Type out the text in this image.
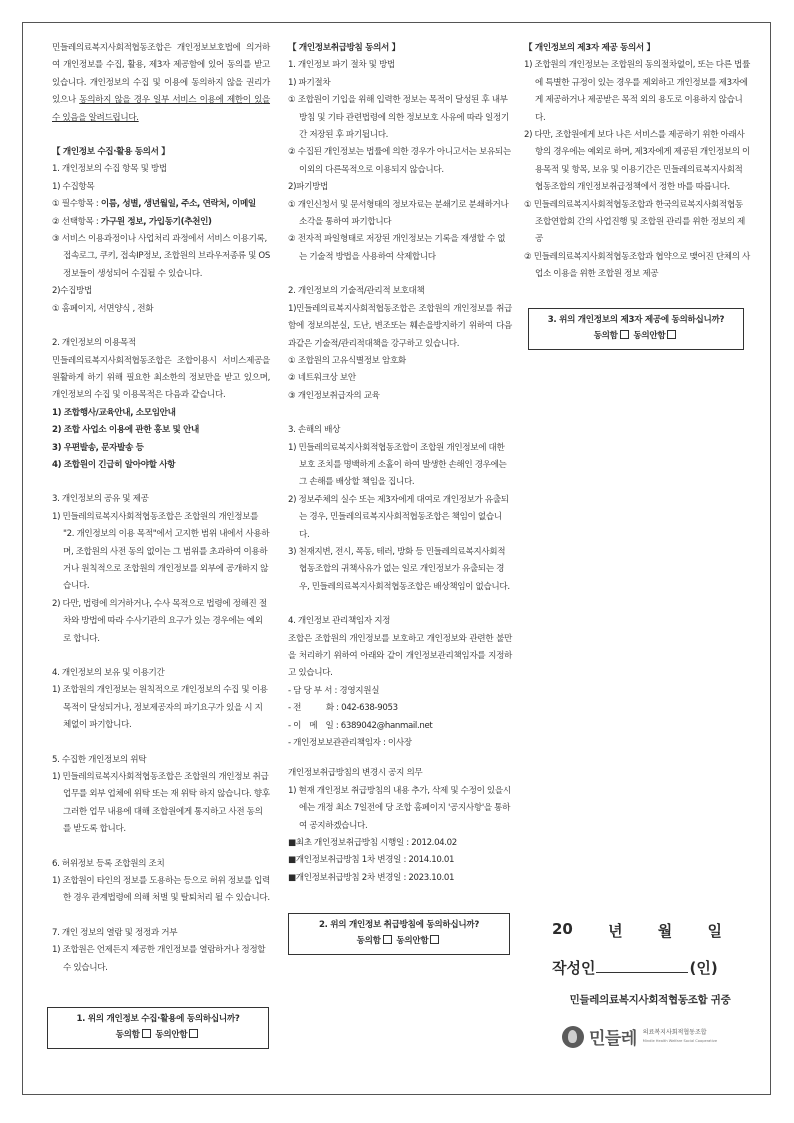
민들레의료복지사회적협동조합은 개인정보보호법에 의거하여 개인정보를 수집, 활용, 제3자 제공함에 있어 동의를 받고 있습니다. 개인정보의 수집 및 이용에 동의하지 않을 권리가 있으나 동의하지 않을 경우 일부 서비스 이용에 제한이 있을 수 있음을 알려드립니다.

【 개인정보 수집·활용 동의서 】

1. 개인정보의 수집 항목 및 방법

1) 수집항목

① 필수항목 : 이름, 성별, 생년월일, 주소, 연락처, 이메일

② 선택항목 : 가구원 정보, 가입동기(추천인)

③ 서비스 이용과정이나 사업처리 과정에서 서비스 이용기록, 접속로그, 쿠키, 접속IP정보, 조합원의 브라우저종류 및 OS 정보들이 생성되어 수집될 수 있습니다.

2)수집방법

① 홈페이지, 서면양식 , 전화

2. 개인정보의 이용목적

민들레의료복지사회적협동조합은 조합이용시 서비스제공을 원활하게 하기 위해 필요한 최소한의 정보만을 받고 있으며, 개인정보의 수집 및 이용목적은 다음과 같습니다.

1) 조합행사/교육안내, 소모임안내

2) 조합 사업소 이용에 관한 홍보 및 안내

3) 우편발송, 문자발송 등

4) 조합원이 긴급히 알아야할 사항

3. 개인정보의 공유 및 제공

1) 민들레의료복지사회적협동조합은 조합원의 개인정보를 "2. 개인정보의 이용 목적"에서 고지한 범위 내에서 사용하며, 조합원의 사전 동의 없이는 그 범위를 초과하여 이용하거나 원칙적으로 조합원의 개인정보를 외부에 공개하지 않습니다.

2) 다만, 법령에 의거하거나, 수사 목적으로 법령에 정해진 절차와 방법에 따라 수사기관의 요구가 있는 경우에는 예외로 합니다.

4. 개인정보의 보유 및 이용기간

1) 조합원의 개인정보는 원칙적으로 개인정보의 수집 및 이용목적이 달성되거나, 정보제공자의 파기요구가 있을 시 지체없이 파기합니다.

5. 수집한 개인정보의 위탁

1) 민들레의료복지사회적협동조합은 조합원의 개인정보 취급업무를 외부 업체에 위탁 또는 재 위탁 하지 않습니다. 향후 그러한 업무 내용에 대해 조합원에게 통지하고 사전 동의를 받도록 합니다.

6. 허위정보 등록 조합원의 조치

1) 조합원이 타인의 정보를 도용하는 등으로 허위 정보를 입력한 경우 관계법령에 의해 처벌 및 탈퇴처리 될 수 있습니다.

7. 개인 정보의 열람 및 정정과 거부

1) 조합원은 언제든지 제공한 개인정보를 열람하거나 정정할 수 있습니다.

1. 위의 개인정보 수집·활용에 동의하십니까?
동의함 동의안함

【 개인정보취급방침 동의서 】

1. 개인정보 파기 절차 및 방법

1) 파기절차

① 조합원이 기입을 위해 입력한 정보는 목적이 달성된 후 내부 방침 및 기타 관련법령에 의한 정보보호 사유에 따라 일정기간 저장된 후 파기됩니다.

② 수집된 개인정보는 법률에 의한 경우가 아니고서는 보유되는 이외의 다른목적으로 이용되지 않습니다.

2)파기방법

① 개인신청서 및 문서형태의 정보자료는 분쇄기로 분쇄하거나 소각을 통하여 파기합니다

② 전자적 파일형태로 저장된 개인정보는 기록을 재생할 수 없는 기술적 방법을 사용하여 삭제합니다

2. 개인정보의 기술적/관리적 보호대책

1)민들레의료복지사회적협동조합은 조합원의 개인정보를 취급함에 정보의분실, 도난, 변조또는 훼손을방지하기 위하여 다음과같은 기술적/관리적대책을 강구하고 있습니다.

① 조합원의 고유식별정보 암호화

② 네트워크상 보안

③ 개인정보취급자의 교육

3. 손해의 배상

1) 민들레의료복지사회적협동조합이 조합원 개인정보에 대한 보호 조치를 명백하게 소홀이 하여 발생한 손해인 경우에는 그 손해를 배상할 책임을 집니다.

2) 정보주체의 실수 또는 제3자에게 대여로 개인정보가 유출되는 경우, 민들레의료복지사회적협동조합은 책임이 없습니다.

3) 천재지변, 전시, 폭동, 테러, 방화 등 민들레의료복지사회적협동조합의 귀책사유가 없는 일로 개인정보가 유출되는 경우, 민들레의료복지사회적협동조합은 배상책임이 없습니다.

4. 개인정보 관리책임자 지정

조합은 조합원의 개인정보를 보호하고 개인정보와 관련한 불만을 처리하기 위하여 아래와 같이 개인정보관리책임자를 지정하고 있습니다.

- 담 당 부 서 : 경영지원실

- 전　　　화 : 042-638-9053

- 이　메　일 : 6389042@hanmail.net

- 개인정보보관관리책임자 : 이사장

개인정보취급방침의 변경시 공지 의무

1) 현재 개인정보 취급방침의 내용 추가, 삭제 및 수정이 있을시에는 개정 최소 7일전에 당 조합 홈페이지 '공지사항'을 통하여 공지하겠습니다.

■최초 개인정보취급방침 시행일 : 2012.04.02

■개인정보취급방침 1차 변경일 : 2014.10.01

■개인정보취급방침 2차 변경일 : 2023.10.01

2. 위의 개인정보 취급방침에 동의하십니까?
동의함 동의안함

【 개인정보의 제3자 제공 동의서 】

1) 조합원의 개인정보는 조합원의 동의절차없이, 또는 다른 법률에 특별한 규정이 있는 경우를 제외하고 개인정보를 제3자에게 제공하거나 제공받은 목적 외의 용도로 이용하지 않습니다.

2) 다만, 조합원에게 보다 나은 서비스를 제공하기 위한 아래사항의 경우에는 예외로 하며, 제3자에게 제공된 개인정보의 이용목적 및 항목, 보유 및 이용기간은 민들레의료복지사회적협동조합의 개인정보취급정책에서 정한 바를 따릅니다.

① 민들레의료복지사회적협동조합과 한국의료복지사회적협동조합연합회 간의 사업진행 및 조합원 관리를 위한 정보의 제공

② 민들레의료복지사회적협동조합과 협약으로 맺어진 단체의 사업소 이용을 위한 조합원 정보 제공

3. 위의 개인정보의 제3자 제공에 동의하십니까?
동의함 동의안함
20 년 월 일
작성인	(인)
민들레의료복지사회적협동조합 귀중
민들레 의료복지사회적협동조합
Mindle Health Welfare Social Cooperative
